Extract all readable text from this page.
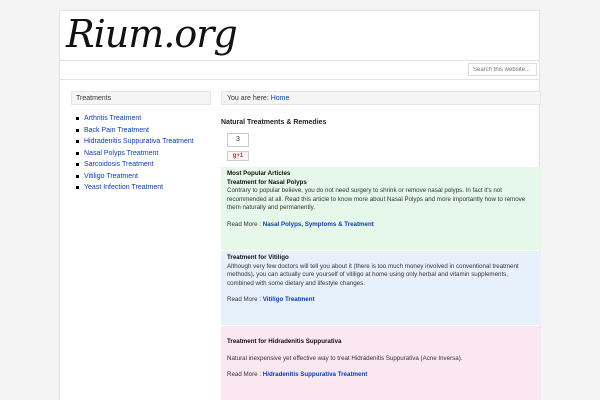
Rium.org
Search this website...
Treatments
Arthritis Treatment
Back Pain Treatment
Hidradenitis Suppurativa Treatment
Nasal Polyps Treatment
Sarcoidosis Treatment
Vitiligo Treatment
Yeast Infection Treatment
You are here: Home
Natural Treatments & Remedies
3
g+1
Most Popular Articles
Treatment for Nasal Polyps
Contrary to popular believe, you do not need surgery to shrink or remove nasal polyps. In fact it's not recommended at all. Read this article to know more about Nasal Polyps and more importantly how to remove them naturally and permanently.
Read More : Nasal Polyps, Symptoms & Treatment
Treatment for Vitiligo
Although very few doctors will tell you about it (there is too much money involved in conventional treatment methods), you can actually cure yourself of vitiligo at home using only herbal and vitamin supplements, combined with some dietary and lifestyle changes.
Read More : Vitiligo Treatment
Treatment for Hidradenitis Suppurativa
Natural inexpensive yet effective way to treat Hidradenitis Suppurativa (Acne Inversa).
Read More : Hidradenitis Suppurativa Treatment
